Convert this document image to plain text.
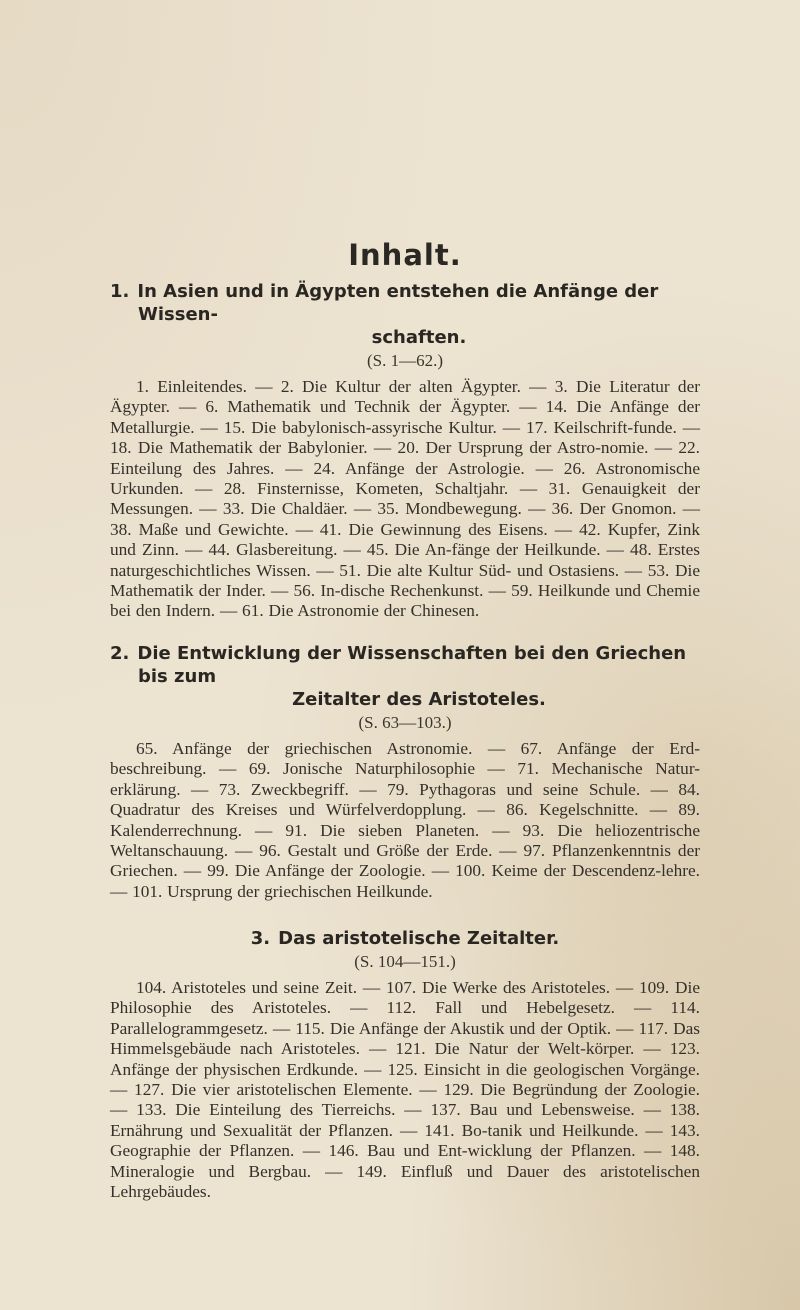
Inhalt.
1. In Asien und in Ägypten entstehen die Anfänge der Wissen-
schaften.
(S. 1—62.)

1. Einleitendes. — 2. Die Kultur der alten Ägypter. — 3. Die Literatur der Ägypter. — 6. Mathematik und Technik der Ägypter. — 14. Die Anfänge der Metallurgie. — 15. Die babylonisch-assyrische Kultur. — 17. Keilschrift-funde. — 18. Die Mathematik der Babylonier. — 20. Der Ursprung der Astro-nomie. — 22. Einteilung des Jahres. — 24. Anfänge der Astrologie. — 26. Astronomische Urkunden. — 28. Finsternisse, Kometen, Schaltjahr. — 31. Genauigkeit der Messungen. — 33. Die Chaldäer. — 35. Mondbewegung. — 36. Der Gnomon. — 38. Maße und Gewichte. — 41. Die Gewinnung des Eisens. — 42. Kupfer, Zink und Zinn. — 44. Glasbereitung. — 45. Die An-fänge der Heilkunde. — 48. Erstes naturgeschichtliches Wissen. — 51. Die alte Kultur Süd- und Ostasiens. — 53. Die Mathematik der Inder. — 56. In-dische Rechenkunst. — 59. Heilkunde und Chemie bei den Indern. — 61. Die Astronomie der Chinesen.

2. Die Entwicklung der Wissenschaften bei den Griechen bis zum
Zeitalter des Aristoteles.
(S. 63—103.)

65. Anfänge der griechischen Astronomie. — 67. Anfänge der Erd-beschreibung. — 69. Jonische Naturphilosophie — 71. Mechanische Natur-erklärung. — 73. Zweckbegriff. — 79. Pythagoras und seine Schule. — 84. Quadratur des Kreises und Würfelverdopplung. — 86. Kegelschnitte. — 89. Kalenderrechnung. — 91. Die sieben Planeten. — 93. Die heliozentrische Weltanschauung. — 96. Gestalt und Größe der Erde. — 97. Pflanzenkenntnis der Griechen. — 99. Die Anfänge der Zoologie. — 100. Keime der Descendenz-lehre. — 101. Ursprung der griechischen Heilkunde.

3. Das aristotelische Zeitalter.
(S. 104—151.)

104. Aristoteles und seine Zeit. — 107. Die Werke des Aristoteles. — 109. Die Philosophie des Aristoteles. — 112. Fall und Hebelgesetz. — 114. Parallelogrammgesetz. — 115. Die Anfänge der Akustik und der Optik. — 117. Das Himmelsgebäude nach Aristoteles. — 121. Die Natur der Welt-körper. — 123. Anfänge der physischen Erdkunde. — 125. Einsicht in die geologischen Vorgänge. — 127. Die vier aristotelischen Elemente. — 129. Die Begründung der Zoologie. — 133. Die Einteilung des Tierreichs. — 137. Bau und Lebensweise. — 138. Ernährung und Sexualität der Pflanzen. — 141. Bo-tanik und Heilkunde. — 143. Geographie der Pflanzen. — 146. Bau und Ent-wicklung der Pflanzen. — 148. Mineralogie und Bergbau. — 149. Einfluß und Dauer des aristotelischen Lehrgebäudes.
